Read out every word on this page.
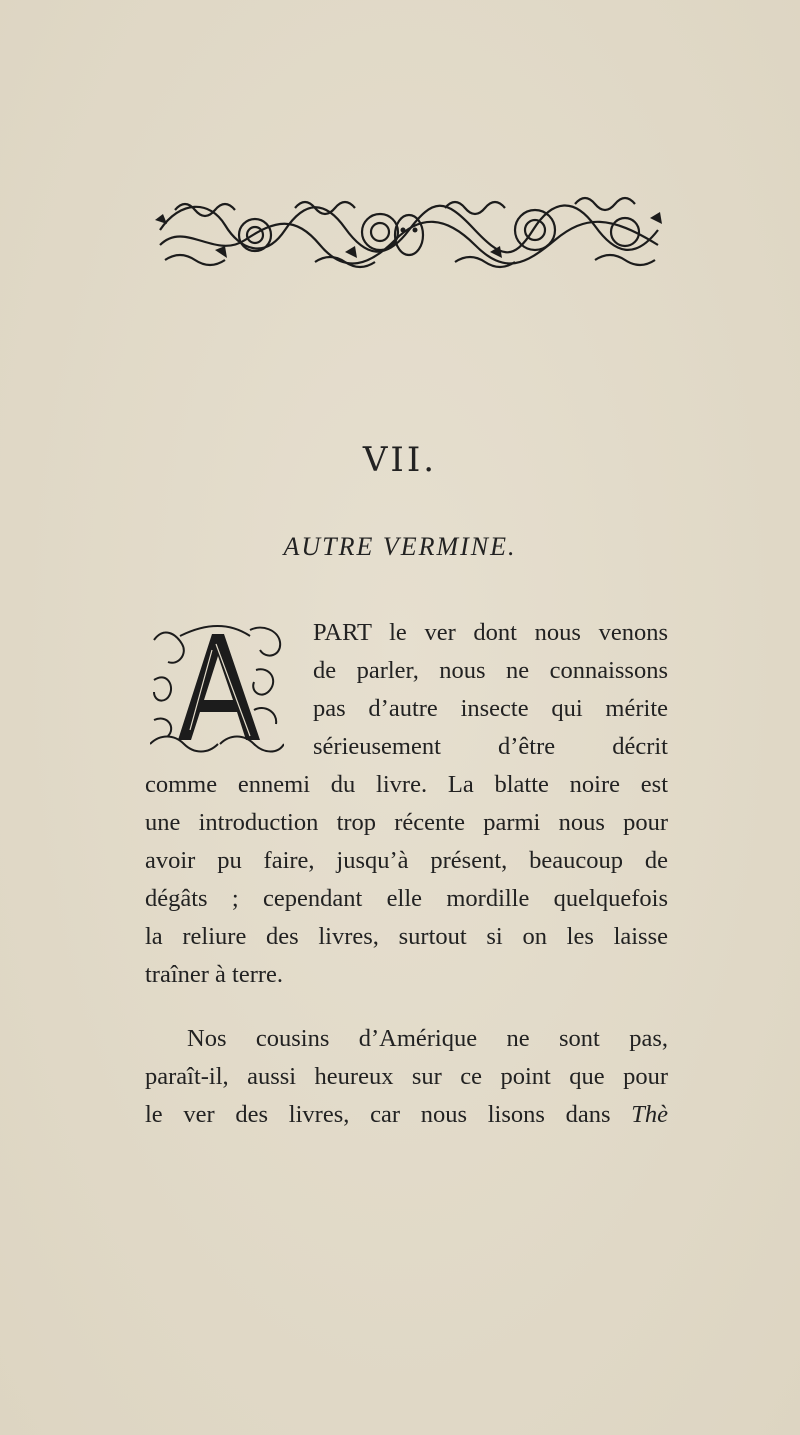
VII.
AUTRE VERMINE.
PART le ver dont nous venons
de parler, nous ne connaissons
pas d’autre insecte qui mérite
sérieusement d’être décrit
comme ennemi du livre. La blatte noire est
une introduction trop récente parmi nous pour
avoir pu faire, jusqu’à présent, beaucoup de
dégâts ; cependant elle mordille quelquefois
la reliure des livres, surtout si on les laisse
traîner à terre.
Nos cousins d’Amérique ne sont pas,
paraît-il, aussi heureux sur ce point que pour
le ver des livres, car nous lisons dans Thè
